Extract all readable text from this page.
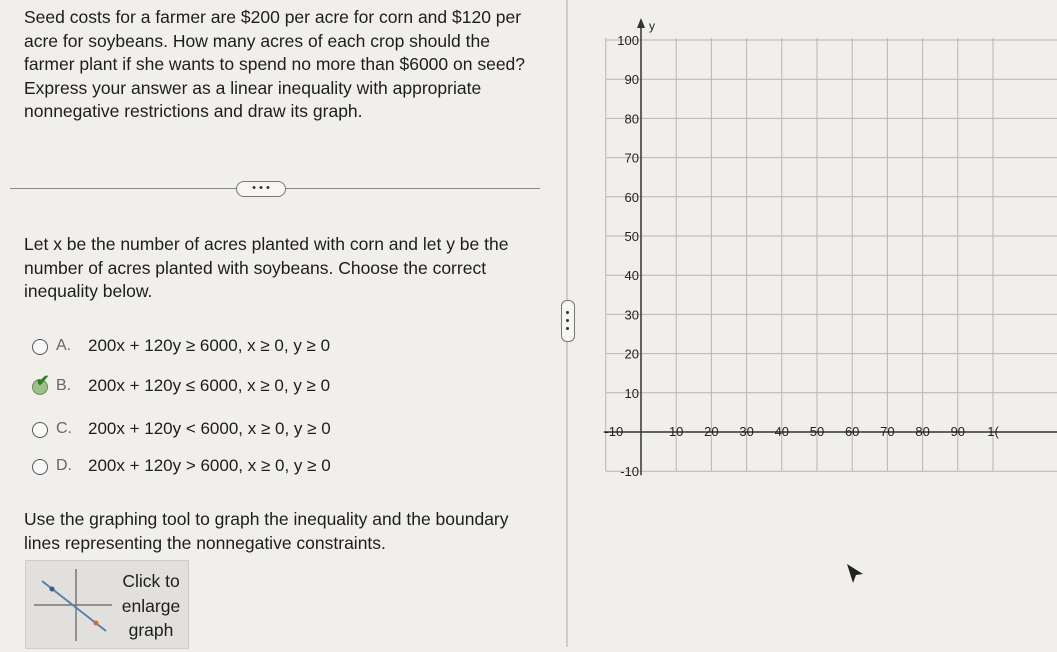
Seed costs for a farmer are $200 per acre for corn and $120 per acre for soybeans. How many acres of each crop should the farmer plant if she wants to spend no more than $6000 on seed? Express your answer as a linear inequality with appropriate nonnegative restrictions and draw its graph.

• • •

Let x be the number of acres planted with corn and let y be the number of acres planted with soybeans. Choose the correct inequality below.

A. 200x + 120y ≥ 6000, x ≥ 0, y ≥ 0
✔ B. 200x + 120y ≤ 6000, x ≥ 0, y ≥ 0
C. 200x + 120y < 6000, x ≥ 0, y ≥ 0
D. 200x + 120y > 6000, x ≥ 0, y ≥ 0

Use the graphing tool to graph the inequality and the boundary lines representing the nonnegative constraints.

Click to
enlarge
graph
y
100
90
80
70
60
50
40
30
20
10
-10
-10	10 20 30 40 50 60 70 80 90 1(
